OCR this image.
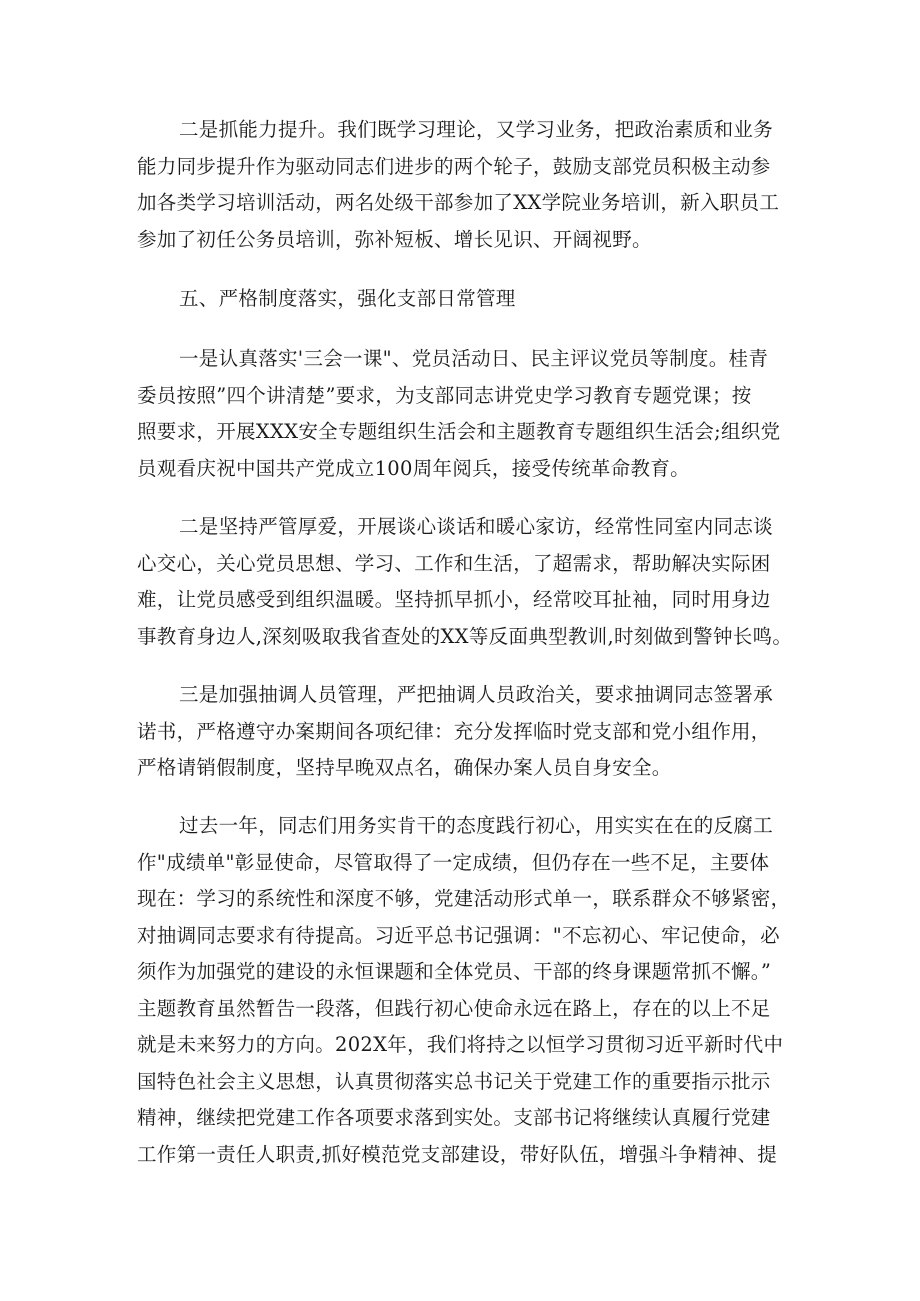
二是抓能力提升。我们既学习理论，又学习业务，把政治素质和业务
能力同步提升作为驱动同志们进步的两个轮子，鼓励支部党员积极主动参
加各类学习培训活动，两名处级干部参加了XX学院业务培训，新入职员工
参加了初任公务员培训，弥补短板、增长见识、开阔视野。
五、严格制度落实，强化支部日常管理
一是认真落实'三会一课"、党员活动日、民主评议党员等制度。桂青
委员按照”四个讲清楚”要求，为支部同志讲党史学习教育专题党课；按
照要求，开展XXX安全专题组织生活会和主题教育专题组织生活会;组织党
员观看庆祝中国共产党成立100周年阅兵，接受传统革命教育。
二是坚持严管厚爱，开展谈心谈话和暖心家访，经常性同室内同志谈
心交心，关心党员思想、学习、工作和生活，了超需求，帮助解决实际困
难，让党员感受到组织温暖。坚持抓早抓小，经常咬耳扯袖，同时用身边
事教育身边人,深刻吸取我省查处的XX等反面典型教训,时刻做到警钟长鸣。
三是加强抽调人员管理，严把抽调人员政治关，要求抽调同志签署承
诺书，严格遵守办案期间各项纪律：充分发挥临时党支部和党小组作用，
严格请销假制度，坚持早晚双点名，确保办案人员自身安全。
过去一年，同志们用务实肯干的态度践行初心，用实实在在的反腐工
作"成绩单"彰显使命，尽管取得了一定成绩，但仍存在一些不足，主要体
现在：学习的系统性和深度不够，党建活动形式单一，联系群众不够紧密，
对抽调同志要求有待提高。习近平总书记强调："不忘初心、牢记使命，必
须作为加强党的建设的永恒课题和全体党员、干部的终身课题常抓不懈。”
主题教育虽然暂告一段落，但践行初心使命永远在路上，存在的以上不足
就是未来努力的方向。202X年，我们将持之以恒学习贯彻习近平新时代中
国特色社会主义思想，认真贯彻落实总书记关于党建工作的重要指示批示
精神，继续把党建工作各项要求落到实处。支部书记将继续认真履行党建
工作第一责任人职责,抓好模范党支部建设，带好队伍，增强斗争精神、提
